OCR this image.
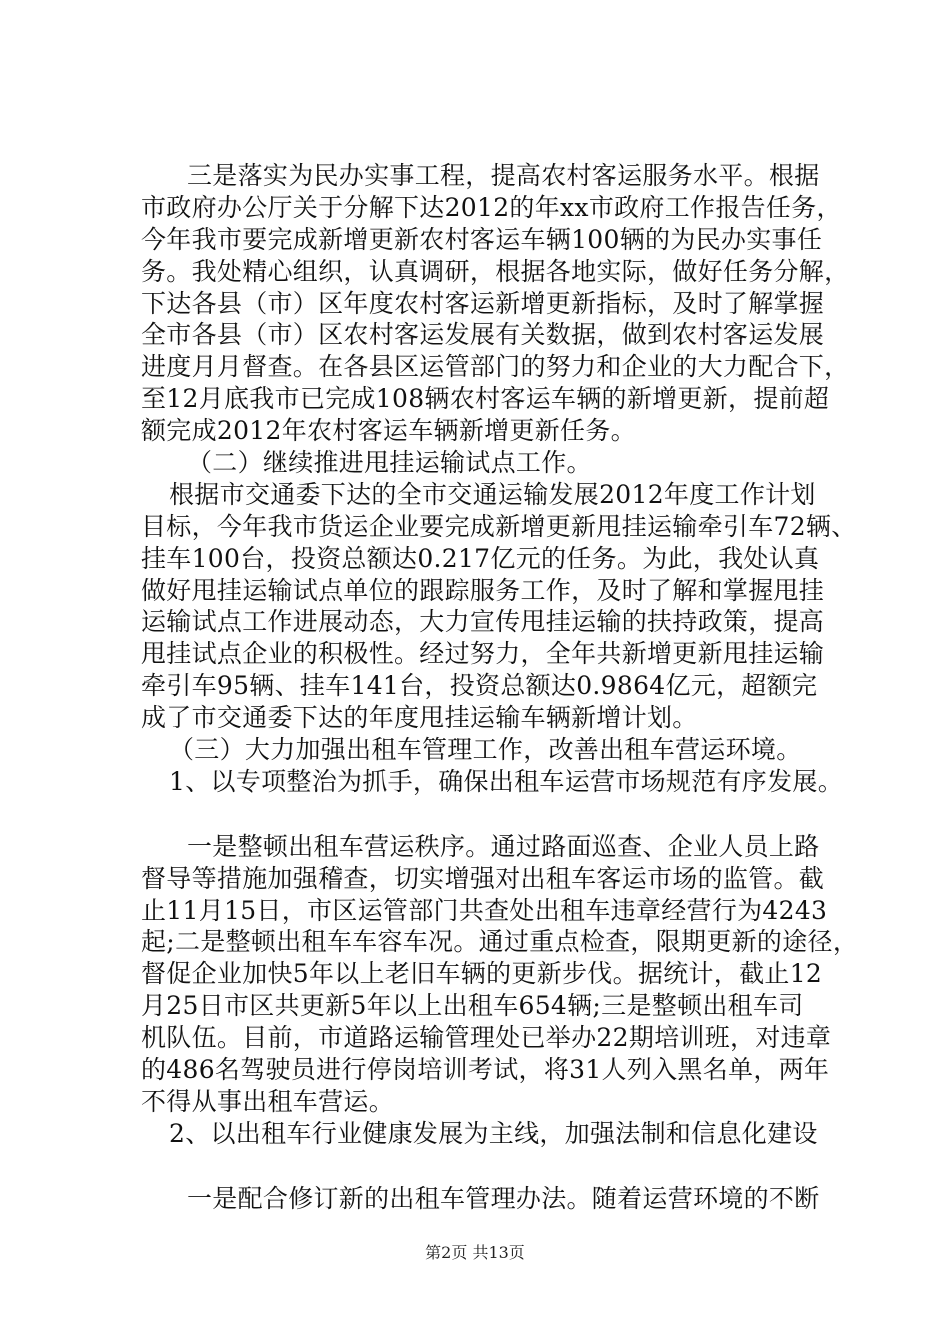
三是落实为民办实事工程，提高农村客运服务水平。根据
市政府办公厅关于分解下达2012的年xx市政府工作报告任务，
今年我市要完成新增更新农村客运车辆100辆的为民办实事任
务。我处精心组织，认真调研，根据各地实际，做好任务分解，
下达各县（市）区年度农村客运新增更新指标，及时了解掌握
全市各县（市）区农村客运发展有关数据，做到农村客运发展
进度月月督查。在各县区运管部门的努力和企业的大力配合下，
至12月底我市已完成108辆农村客运车辆的新增更新，提前超
额完成2012年农村客运车辆新增更新任务。
（二）继续推进甩挂运输试点工作。
根据市交通委下达的全市交通运输发展2012年度工作计划
目标，今年我市货运企业要完成新增更新甩挂运输牵引车72辆、
挂车100台，投资总额达0.217亿元的任务。为此，我处认真
做好甩挂运输试点单位的跟踪服务工作，及时了解和掌握甩挂
运输试点工作进展动态，大力宣传甩挂运输的扶持政策，提高
甩挂试点企业的积极性。经过努力，全年共新增更新甩挂运输
牵引车95辆、挂车141台，投资总额达0.9864亿元，超额完
成了市交通委下达的年度甩挂运输车辆新增计划。
（三）大力加强出租车管理工作，改善出租车营运环境。
1、以专项整治为抓手，确保出租车运营市场规范有序发展。
一是整顿出租车营运秩序。通过路面巡查、企业人员上路
督导等措施加强稽查，切实增强对出租车客运市场的监管。截
止11月15日，市区运管部门共查处出租车违章经营行为4243
起;二是整顿出租车车容车况。通过重点检查，限期更新的途径，
督促企业加快5年以上老旧车辆的更新步伐。据统计，截止12
月25日市区共更新5年以上出租车654辆;三是整顿出租车司
机队伍。目前，市道路运输管理处已举办22期培训班，对违章
的486名驾驶员进行停岗培训考试，将31人列入黑名单，两年
不得从事出租车营运。
2、以出租车行业健康发展为主线，加强法制和信息化建设
一是配合修订新的出租车管理办法。随着运营环境的不断
第2页 共13页
